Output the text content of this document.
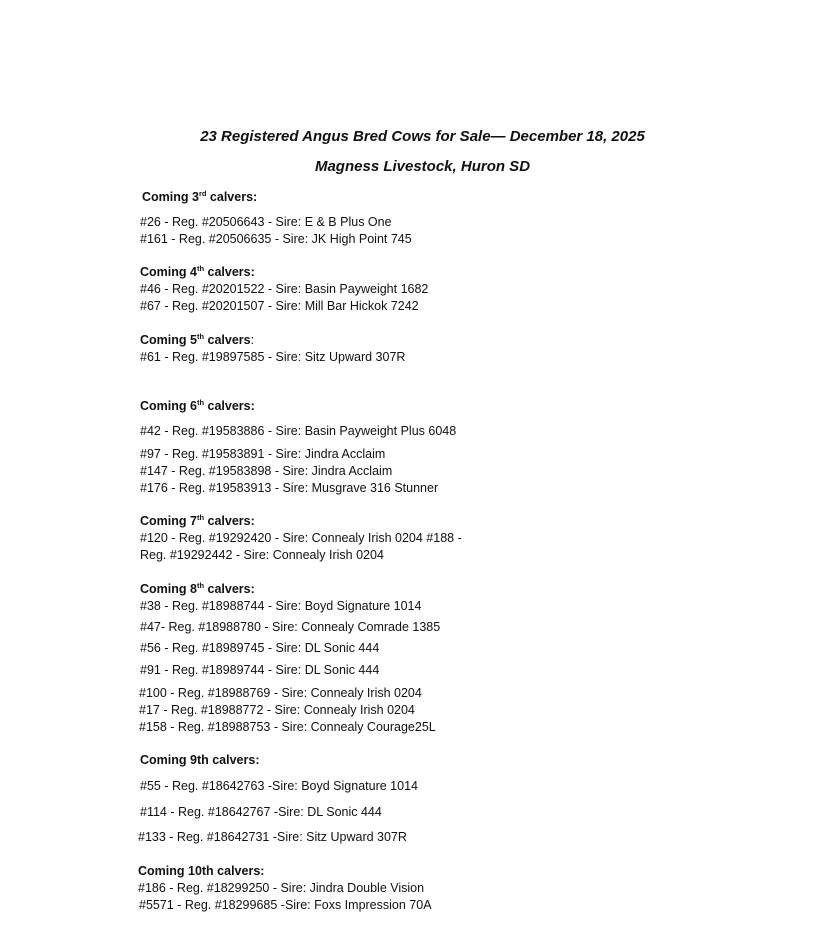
23 Registered Angus Bred Cows for Sale— December 18, 2025
Magness Livestock, Huron SD
Coming 3rd calvers:
#26 - Reg. #20506643 - Sire: E & B Plus One
#161 - Reg. #20506635 - Sire: JK High Point 745
Coming 4th calvers:
#46 - Reg. #20201522 - Sire: Basin Payweight 1682
#67 - Reg. #20201507 - Sire: Mill Bar Hickok 7242
Coming 5th calvers:
#61 - Reg. #19897585 - Sire: Sitz Upward 307R
Coming 6th calvers:
#42 - Reg. #19583886 - Sire: Basin Payweight Plus 6048
#97 - Reg. #19583891 - Sire: Jindra Acclaim
#147 - Reg. #19583898 - Sire: Jindra Acclaim
#176 - Reg. #19583913 - Sire: Musgrave 316 Stunner
Coming 7th calvers:
#120 - Reg. #19292420 - Sire: Connealy Irish 0204 #188 -
Reg. #19292442 - Sire: Connealy Irish 0204
Coming 8th calvers:
#38 - Reg. #18988744 - Sire: Boyd Signature 1014
#47- Reg. #18988780 - Sire: Connealy Comrade 1385
#56 - Reg. #18989745 - Sire: DL Sonic 444
#91 - Reg. #18989744 - Sire: DL Sonic 444
#100 - Reg. #18988769 - Sire: Connealy Irish 0204
#17 - Reg. #18988772 - Sire: Connealy Irish 0204
#158 - Reg. #18988753 - Sire: Connealy Courage25L
Coming 9th calvers:
#55 - Reg. #18642763 -Sire: Boyd Signature 1014
#114 - Reg. #18642767 -Sire: DL Sonic 444
#133 - Reg. #18642731 -Sire: Sitz Upward 307R
Coming 10th calvers:
#186 - Reg. #18299250 - Sire: Jindra Double Vision
#5571 - Reg. #18299685 -Sire: Foxs Impression 70A
